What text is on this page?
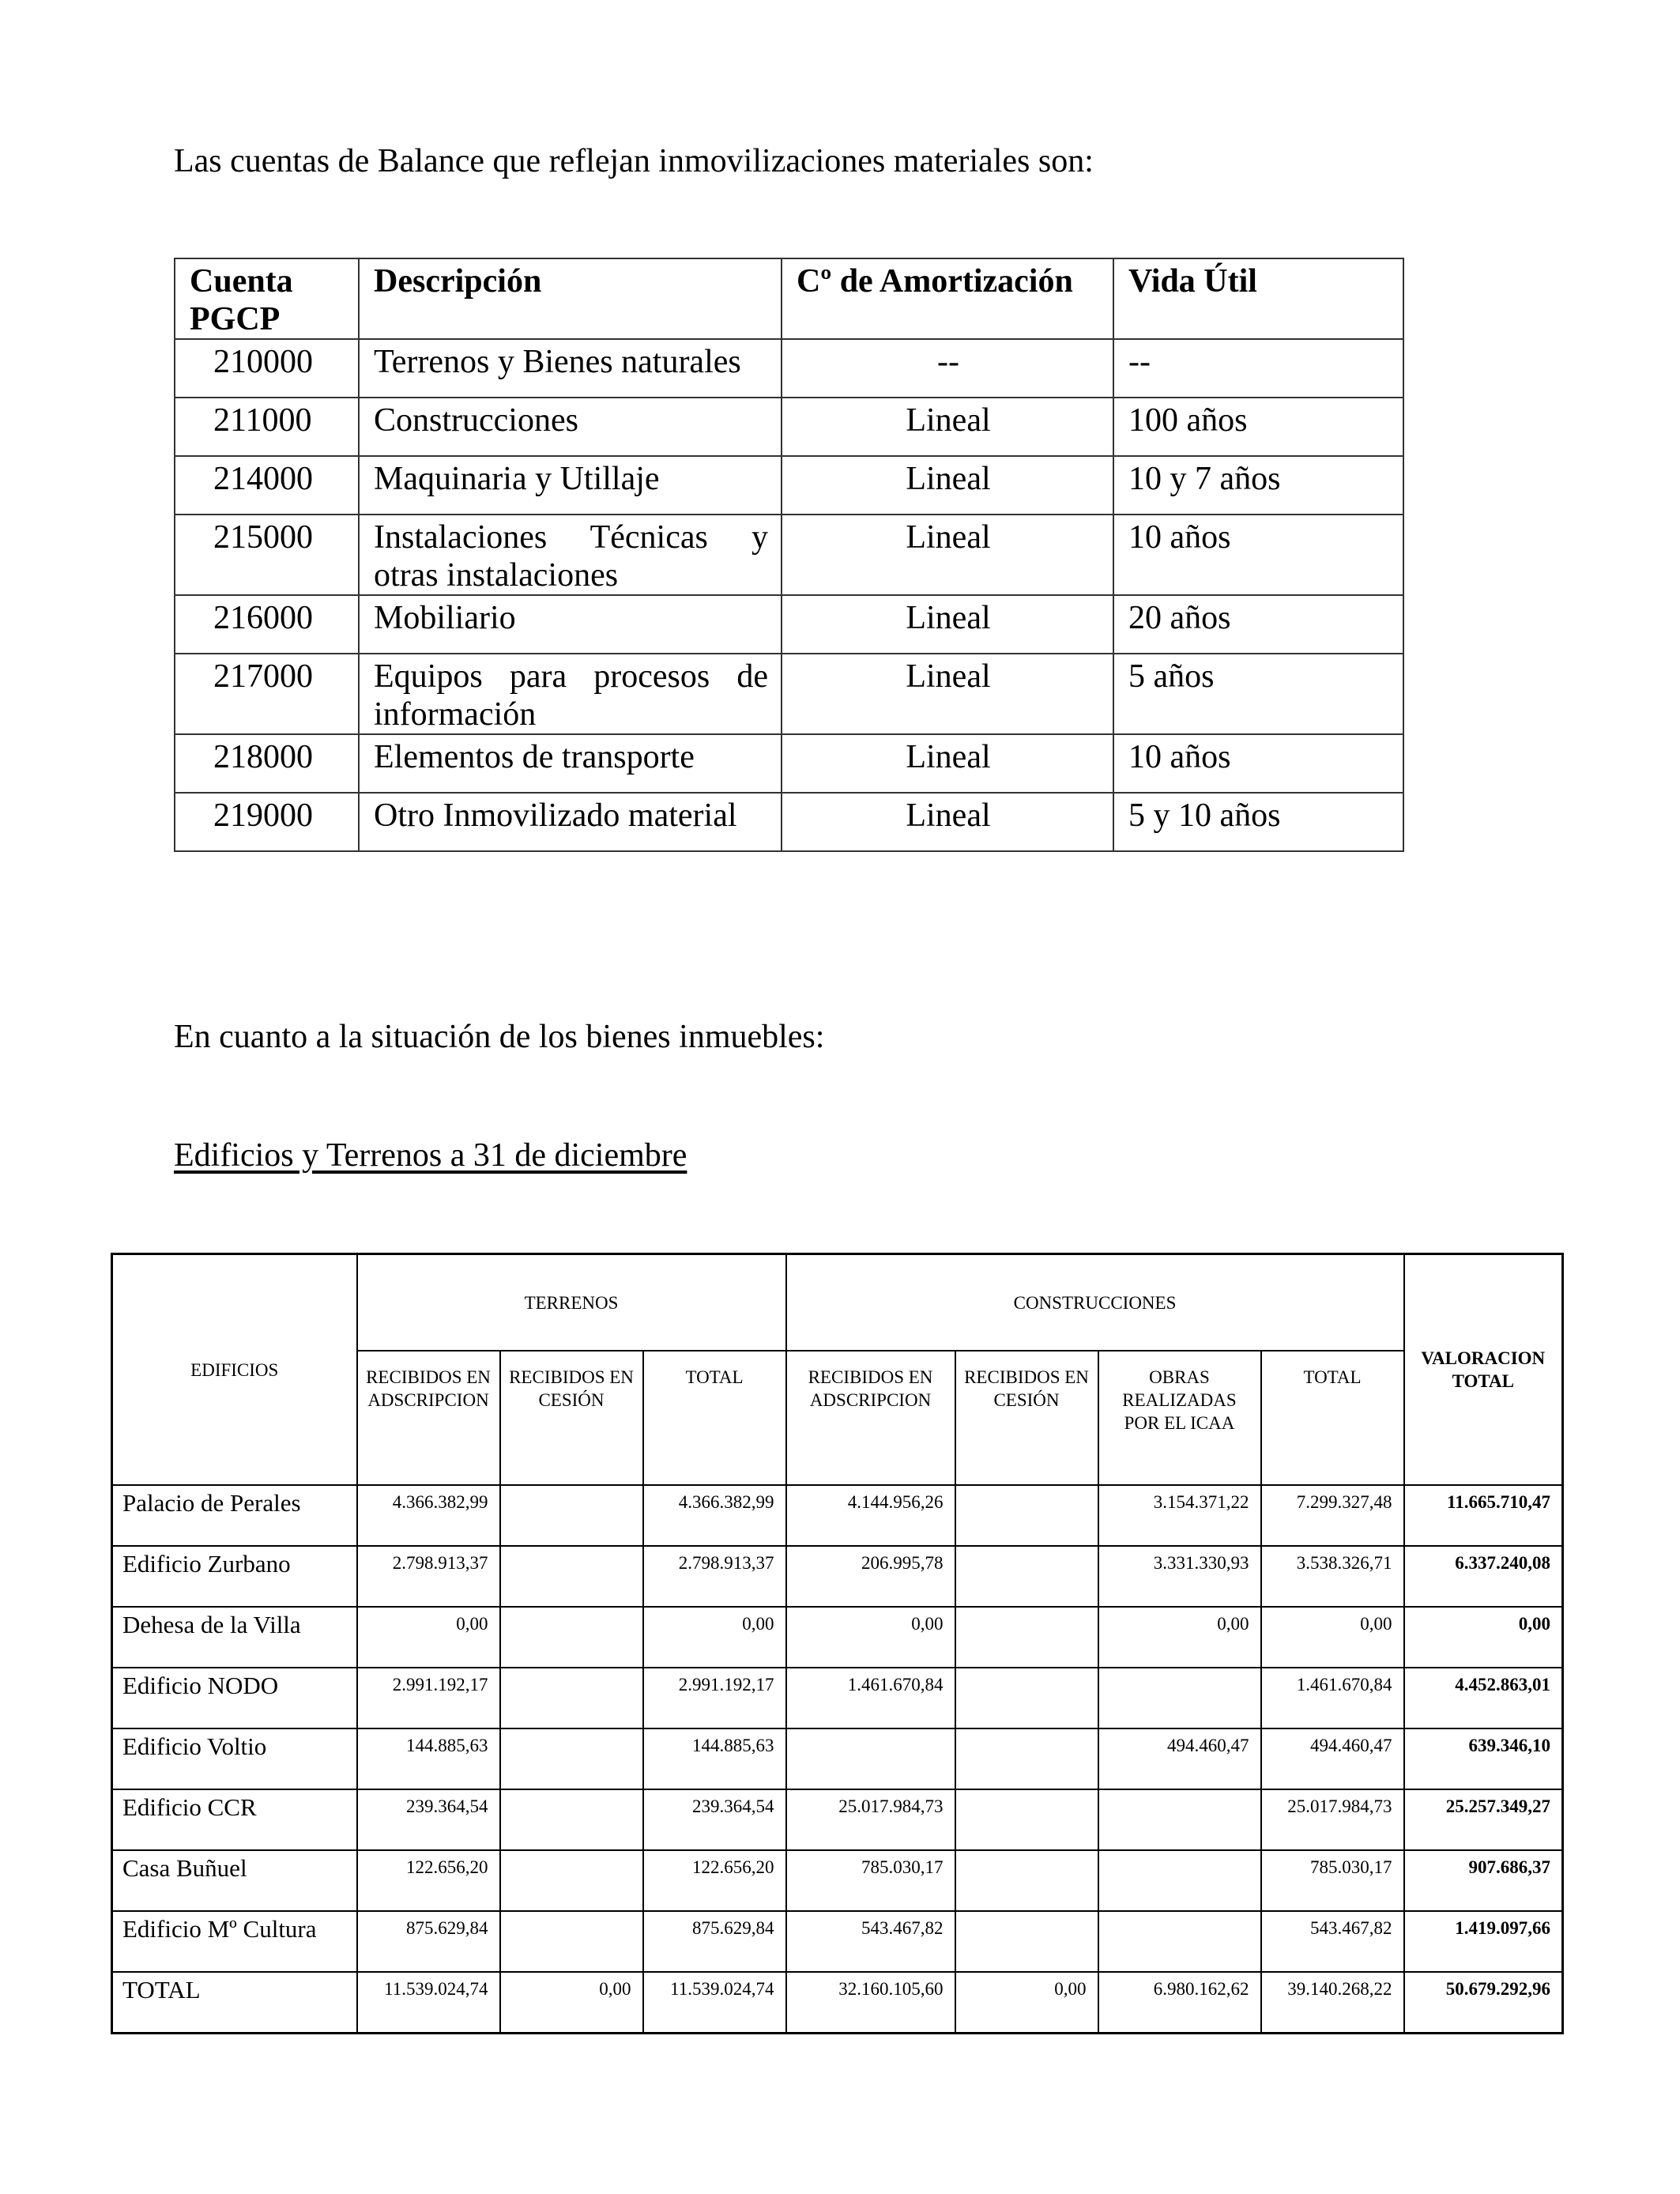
Las cuentas de Balance que reflejan inmovilizaciones materiales son:

Cuenta PGCP	Descripción	Cº de Amortización	Vida Útil
210000	Terrenos y Bienes naturales	--	--
211000	Construcciones	Lineal	100 años
214000	Maquinaria y Utillaje	Lineal	10 y 7 años
215000	Instalaciones Técnicas y otras instalaciones	Lineal	10 años
216000	Mobiliario	Lineal	20 años
217000	Equipos para procesos de información	Lineal	5 años
218000	Elementos de transporte	Lineal	10 años
219000	Otro Inmovilizado material	Lineal	5 y 10 años

En cuanto a la situación de los bienes inmuebles:

Edificios y Terrenos a 31 de diciembre

EDIFICIOS	TERRENOS			CONSTRUCCIONES				VALORACION TOTAL
	RECIBIDOS EN ADSCRIPCION	RECIBIDOS EN CESIÓN	TOTAL	RECIBIDOS EN ADSCRIPCION	RECIBIDOS EN CESIÓN	OBRAS REALIZADAS POR EL ICAA	TOTAL	
Palacio de Perales	4.366.382,99		4.366.382,99	4.144.956,26		3.154.371,22	7.299.327,48	11.665.710,47
Edificio Zurbano	2.798.913,37		2.798.913,37	206.995,78		3.331.330,93	3.538.326,71	6.337.240,08
Dehesa de la Villa	0,00		0,00	0,00		0,00	0,00	0,00
Edificio NODO	2.991.192,17		2.991.192,17	1.461.670,84			1.461.670,84	4.452.863,01
Edificio Voltio	144.885,63		144.885,63			494.460,47	494.460,47	639.346,10
Edificio CCR	239.364,54		239.364,54	25.017.984,73			25.017.984,73	25.257.349,27
Casa Buñuel	122.656,20		122.656,20	785.030,17			785.030,17	907.686,37
Edificio Mº Cultura	875.629,84		875.629,84	543.467,82			543.467,82	1.419.097,66
TOTAL	11.539.024,74	0,00	11.539.024,74	32.160.105,60	0,00	6.980.162,62	39.140.268,22	50.679.292,96
